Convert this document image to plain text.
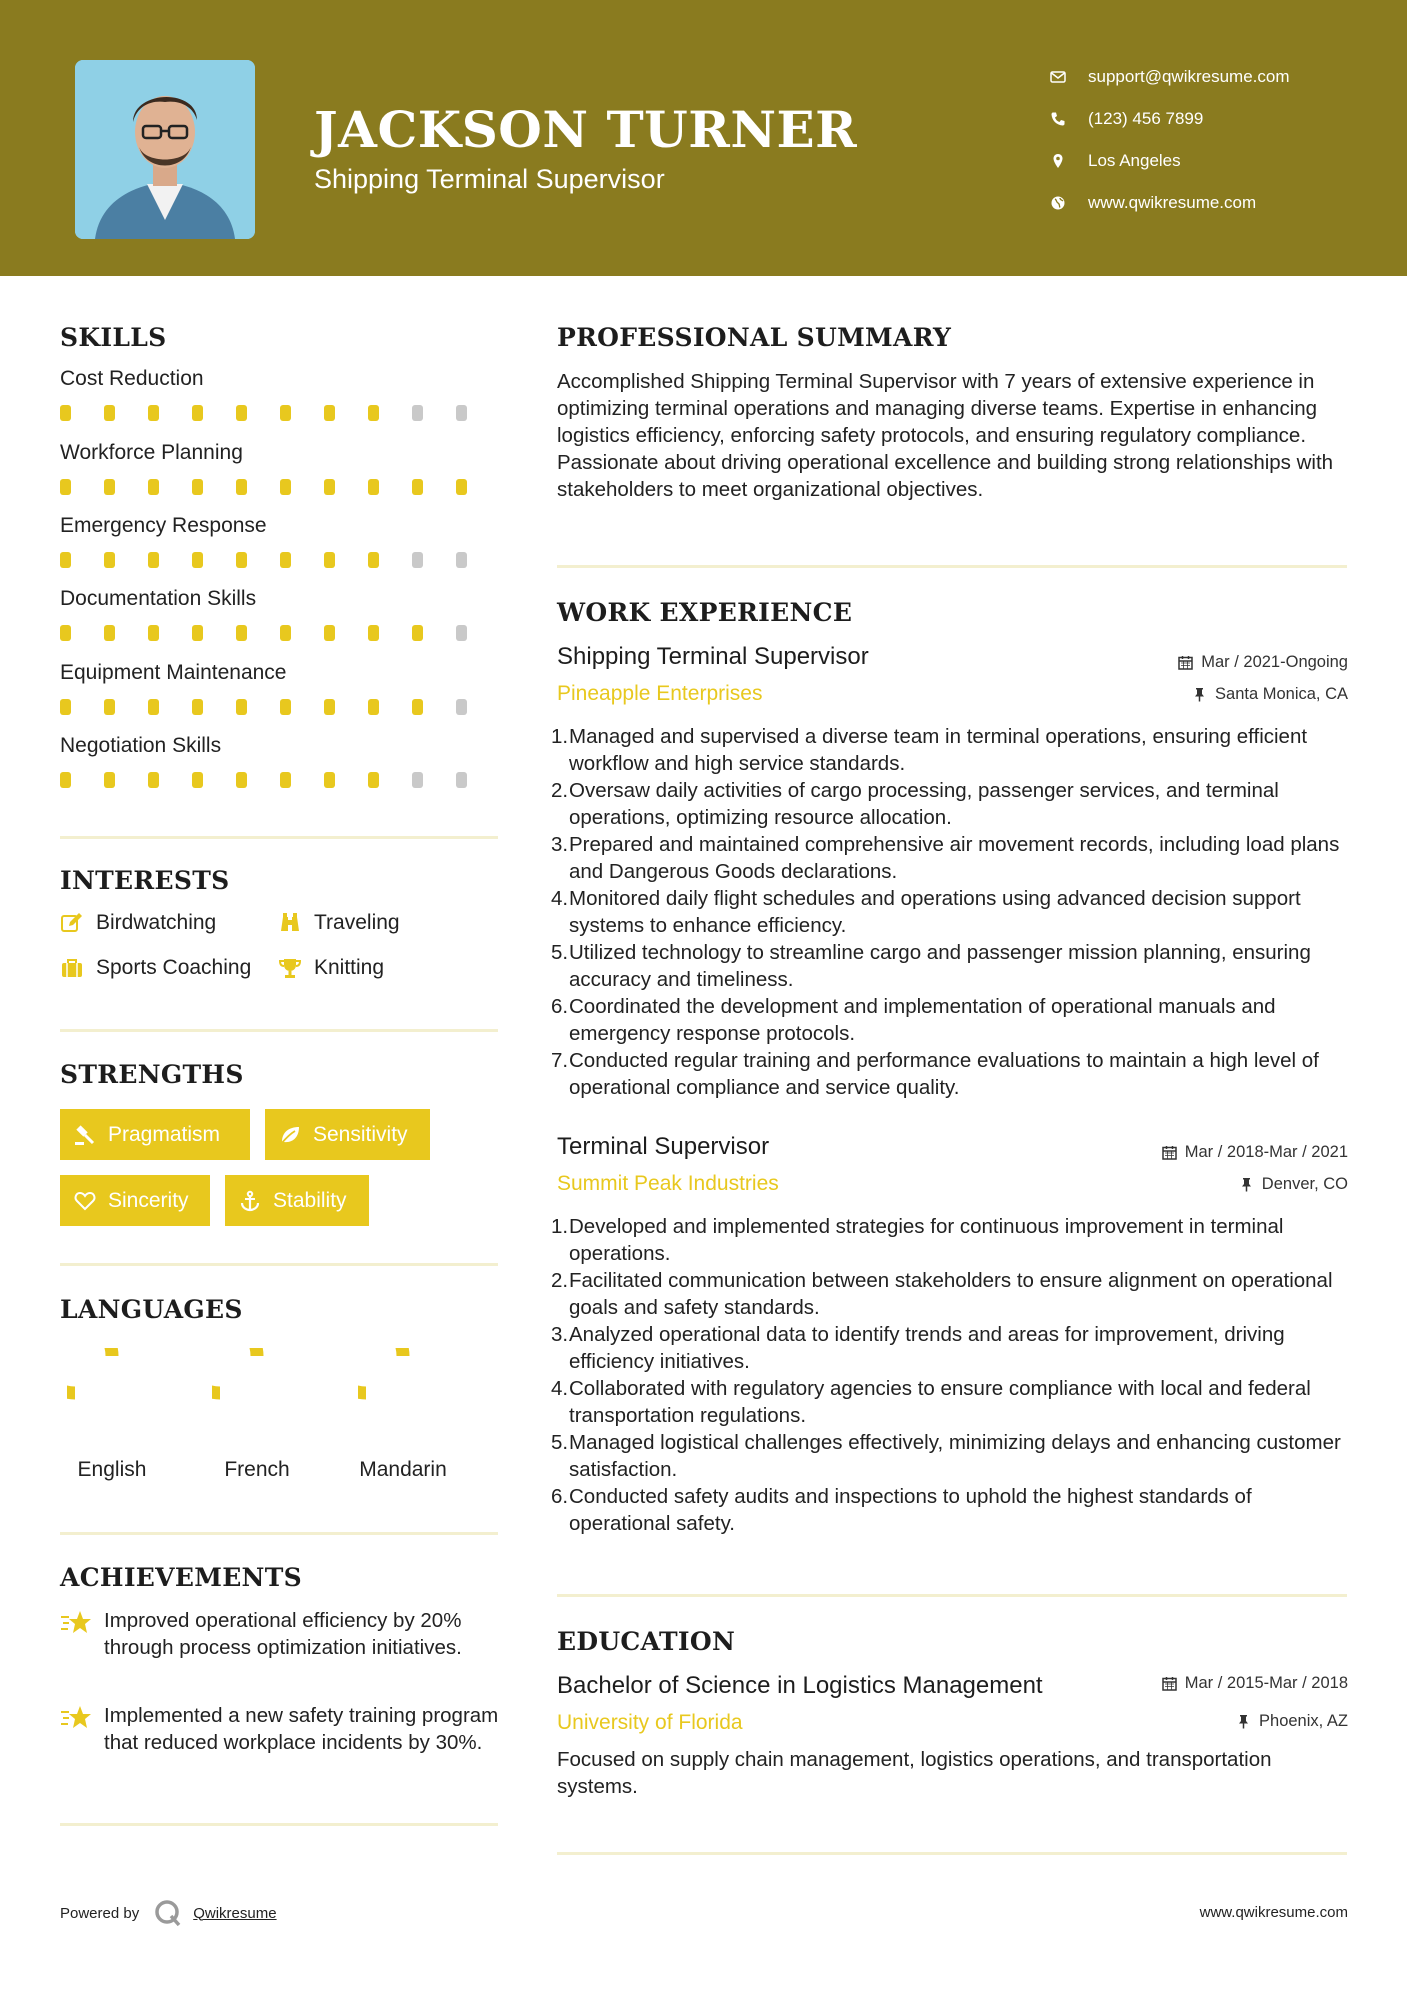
JACKSON TURNER
Shipping Terminal Supervisor
support@qwikresume.com
(123) 456 7899
Los Angeles
www.qwikresume.com
SKILLS
Cost Reduction
Workforce Planning
Emergency Response
Documentation Skills
Equipment Maintenance
Negotiation Skills
INTERESTS
Birdwatching	Traveling
Sports Coaching	Knitting
STRENGTHS
Pragmatism	Sensitivity
Sincerity	Stability
LANGUAGES
English	French	Mandarin
ACHIEVEMENTS
Improved operational efficiency by 20% through process optimization initiatives.
Implemented a new safety training program that reduced workplace incidents by 30%.
PROFESSIONAL SUMMARY
Accomplished Shipping Terminal Supervisor with 7 years of extensive experience in optimizing terminal operations and managing diverse teams. Expertise in enhancing logistics efficiency, enforcing safety protocols, and ensuring regulatory compliance. Passionate about driving operational excellence and building strong relationships with stakeholders to meet organizational objectives.
WORK EXPERIENCE
Shipping Terminal Supervisor	Mar / 2021-Ongoing
Pineapple Enterprises	Santa Monica, CA
1. Managed and supervised a diverse team in terminal operations, ensuring efficient workflow and high service standards.
2. Oversaw daily activities of cargo processing, passenger services, and terminal operations, optimizing resource allocation.
3. Prepared and maintained comprehensive air movement records, including load plans and Dangerous Goods declarations.
4. Monitored daily flight schedules and operations using advanced decision support systems to enhance efficiency.
5. Utilized technology to streamline cargo and passenger mission planning, ensuring accuracy and timeliness.
6. Coordinated the development and implementation of operational manuals and emergency response protocols.
7. Conducted regular training and performance evaluations to maintain a high level of operational compliance and service quality.
Terminal Supervisor	Mar / 2018-Mar / 2021
Summit Peak Industries	Denver, CO
1. Developed and implemented strategies for continuous improvement in terminal operations.
2. Facilitated communication between stakeholders to ensure alignment on operational goals and safety standards.
3. Analyzed operational data to identify trends and areas for improvement, driving efficiency initiatives.
4. Collaborated with regulatory agencies to ensure compliance with local and federal transportation regulations.
5. Managed logistical challenges effectively, minimizing delays and enhancing customer satisfaction.
6. Conducted safety audits and inspections to uphold the highest standards of operational safety.
EDUCATION
Bachelor of Science in Logistics Management	Mar / 2015-Mar / 2018
University of Florida	Phoenix, AZ
Focused on supply chain management, logistics operations, and transportation systems.
Powered by	Qwikresume	www.qwikresume.com
